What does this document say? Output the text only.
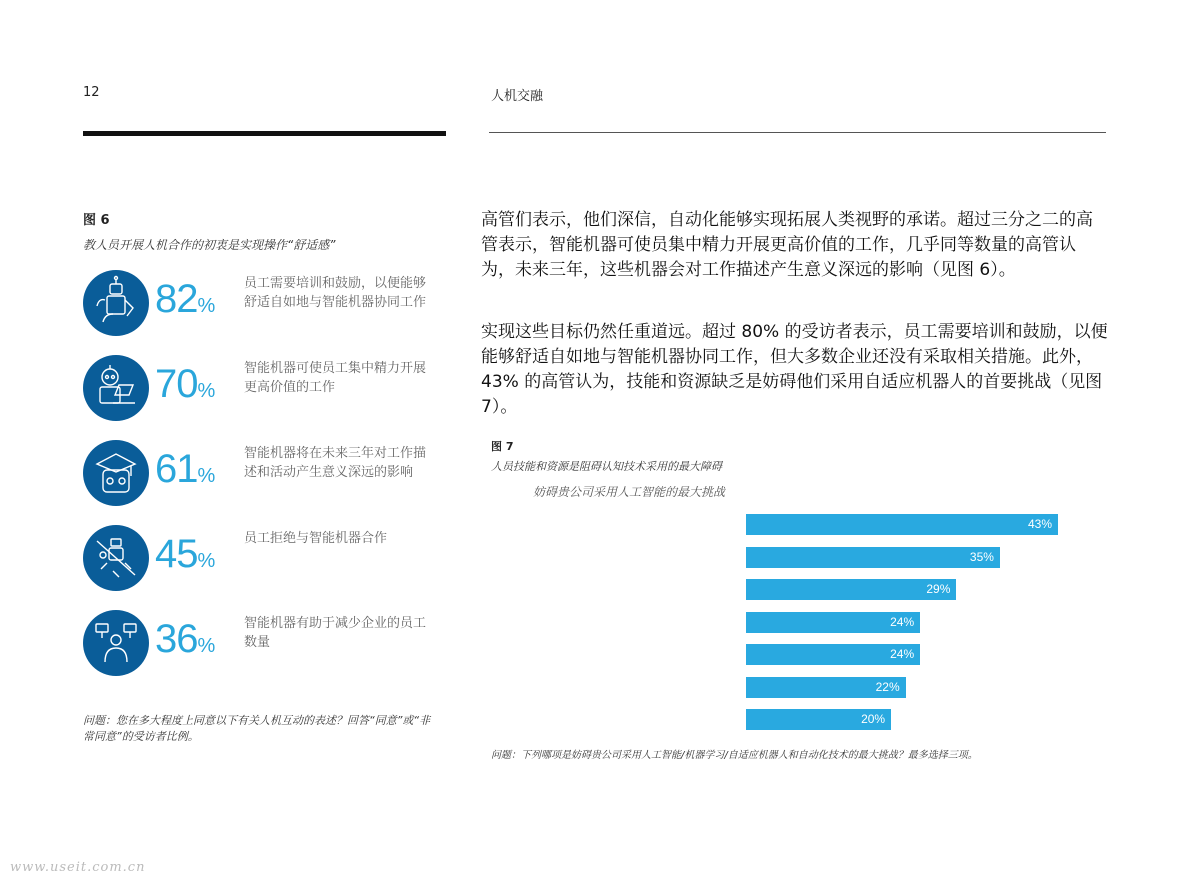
12	人机交融
图 6
教人员开展人机合作的初衷是实现操作“舒适感”
82%
员工需要培训和鼓励，以便能够舒适自如地与智能机器协同工作
70%
智能机器可使员工集中精力开展更高价值的工作
61%
智能机器将在未来三年对工作描述和活动产生意义深远的影响
45%
员工拒绝与智能机器合作
36%
智能机器有助于减少企业的员工数量
问题：您在多大程度上同意以下有关人机互动的表述？回答“同意”或“非常同意”的受访者比例。
高管们表示，他们深信，自动化能够实现拓展人类视野的承诺。超过三分之二的高管表示，智能机器可使员集中精力开展更高价值的工作，几乎同等数量的高管认为，未来三年，这些机器会对工作描述产生意义深远的影响（见图 6）。
实现这些目标仍然任重道远。超过 80% 的受访者表示，员工需要培训和鼓励，以便能够舒适自如地与智能机器协同工作，但大多数企业还没有采取相关措施。此外，43% 的高管认为，技能和资源缺乏是妨碍他们采用自适应机器人的首要挑战（见图 7）。
图 7
人员技能和资源是阻碍认知技术采用的最大障碍
妨碍贵公司采用人工智能的最大挑战
43%
35%
29%
24%
24%
22%
20%
问题：下列哪项是妨碍贵公司采用人工智能/机器学习/自适应机器人和自动化技术的最大挑战？最多选择三项。
www.useit.com.cn
